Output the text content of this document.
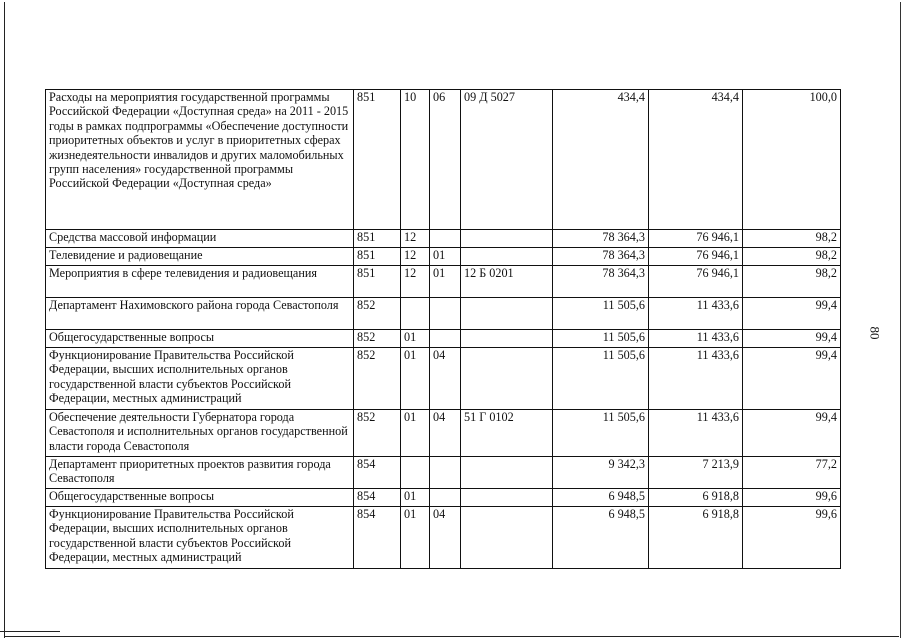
80
Расходы на мероприятия государственной программы Российской Федерации «Доступная среда» на 2011 - 2015 годы в рамках подпрограммы «Обеспечение доступности приоритетных объектов и услуг в приоритетных сферах жизнедеятельности инвалидов и других маломобильных групп населения» государственной программы Российской Федерации «Доступная среда»	851	10	06	09 Д 5027	434,4	434,4	100,0
Средства массовой информации	851	12			78 364,3	76 946,1	98,2
Телевидение и радиовещание	851	12	01		78 364,3	76 946,1	98,2
Мероприятия в сфере телевидения и радиовещания	851	12	01	12 Б 0201	78 364,3	76 946,1	98,2
Департамент Нахимовского района города Севастополя	852				11 505,6	11 433,6	99,4
Общегосударственные вопросы	852	01			11 505,6	11 433,6	99,4
Функционирование Правительства Российской Федерации, высших исполнительных органов государственной власти субъектов Российской Федерации, местных администраций	852	01	04		11 505,6	11 433,6	99,4
Обеспечение деятельности Губернатора города Севастополя и исполнительных органов государственной власти города Севастополя	852	01	04	51 Г 0102	11 505,6	11 433,6	99,4
Департамент приоритетных проектов развития города Севастополя	854				9 342,3	7 213,9	77,2
Общегосударственные вопросы	854	01			6 948,5	6 918,8	99,6
Функционирование Правительства Российской Федерации, высших исполнительных органов государственной власти субъектов Российской Федерации, местных администраций	854	01	04		6 948,5	6 918,8	99,6
